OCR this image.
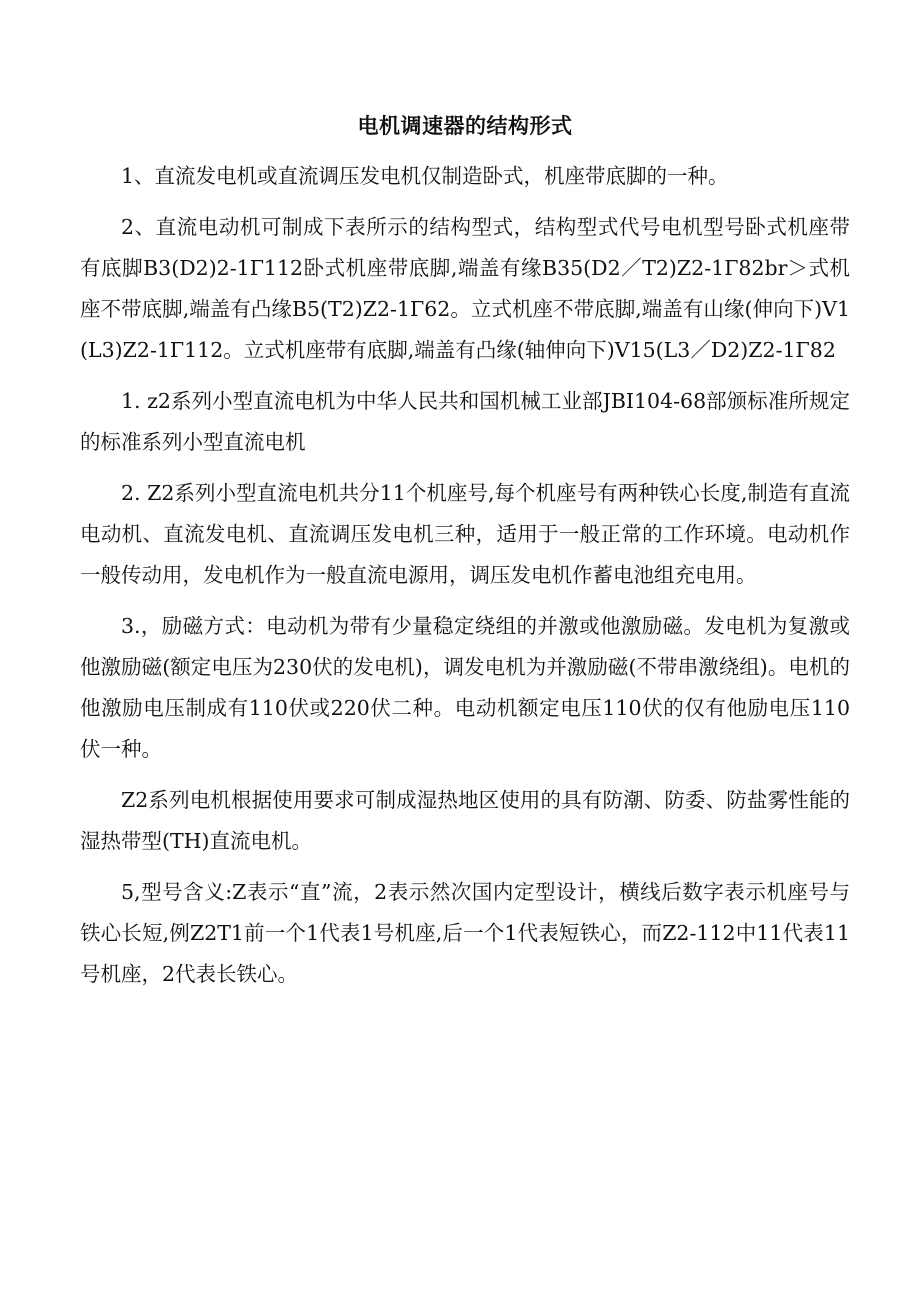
电机调速器的结构形式

1、直流发电机或直流调压发电机仅制造卧式，机座带底脚的一种。

2、直流电动机可制成下表所示的结构型式，结构型式代号电机型号卧式机座带有底脚B3(D2)2-1Γ112卧式机座带底脚,端盖有缘B35(D2／T2)Z2-1Γ82br＞式机座不带底脚,端盖有凸缘B5(T2)Z2-1Γ62。立式机座不带底脚,端盖有山缘(伸向下)V1(L3)Z2-1Γ112。立式机座带有底脚,端盖有凸缘(轴伸向下)V15(L3／D2)Z2-1Γ82

1. z2系列小型直流电机为中华人民共和国机械工业部JBI104-68部颁标准所规定的标准系列小型直流电机

2. Z2系列小型直流电机共分11个机座号,每个机座号有两种铁心长度,制造有直流电动机、直流发电机、直流调压发电机三种，适用于一般正常的工作环境。电动机作一般传动用，发电机作为一般直流电源用，调压发电机作蓄电池组充电用。

3.，励磁方式：电动机为带有少量稳定绕组的并激或他激励磁。发电机为复激或他激励磁(额定电压为230伏的发电机)，调发电机为并激励磁(不带串激绕组)。电机的他激励电压制成有110伏或220伏二种。电动机额定电压110伏的仅有他励电压110伏一种。

Z2系列电机根据使用要求可制成湿热地区使用的具有防潮、防委、防盐雾性能的湿热带型(TH)直流电机。

5,型号含义:Z表示“直”流，2表示然次国内定型设计，横线后数字表示机座号与铁心长短,例Z2T1前一个1代表1号机座,后一个1代表短铁心，而Z2-112中11代表11号机座，2代表长铁心。
